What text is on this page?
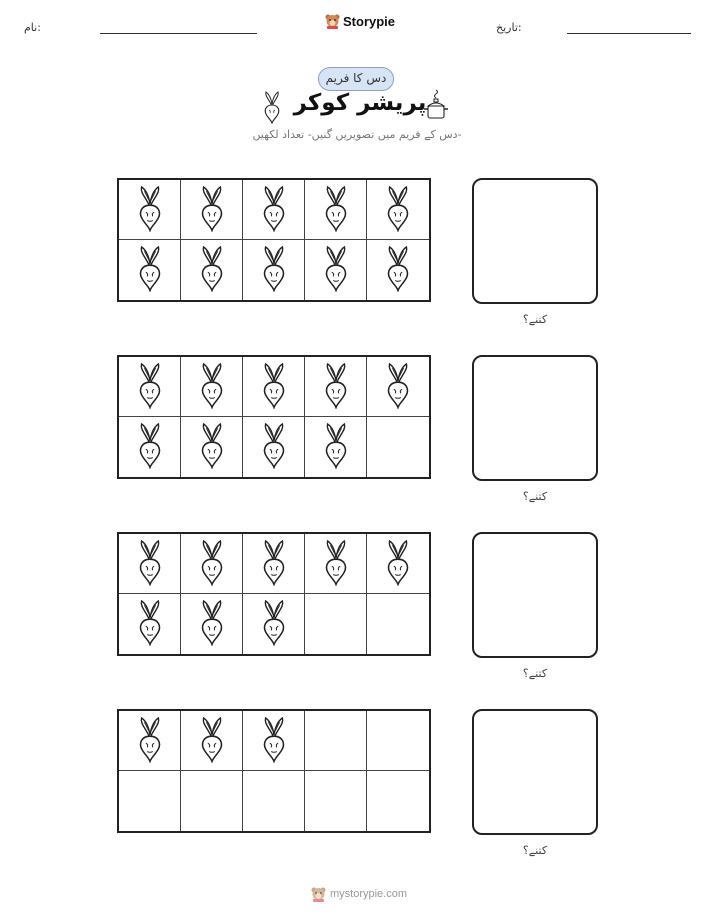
نام:	Storypie	تاریخ:
دس کا فریم
پریشر کوکر
دس کے فریم میں تصویریں گنیں- تعداد لکھیں-
کتنے؟
کتنے؟
کتنے؟
کتنے؟
mystorypie.com
